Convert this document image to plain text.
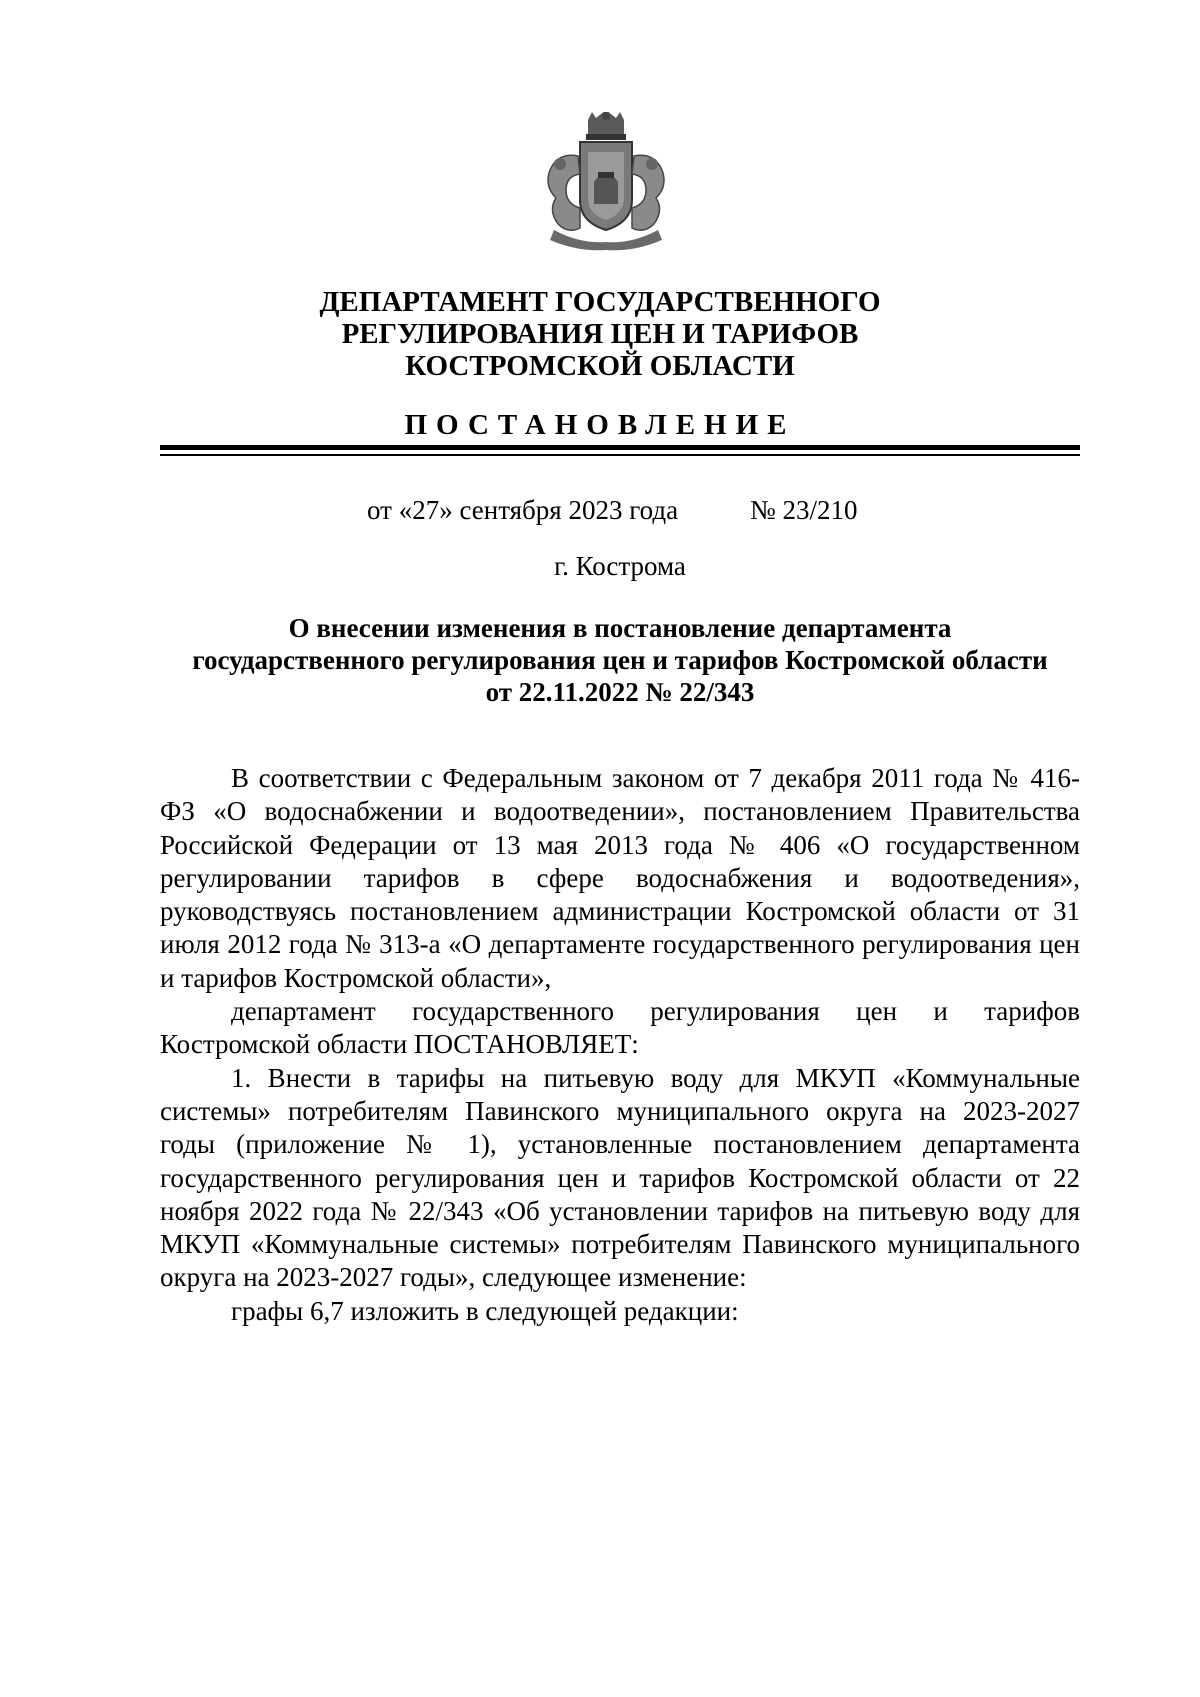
ДЕПАРТАМЕНТ ГОСУДАРСТВЕННОГО
РЕГУЛИРОВАНИЯ ЦЕН И ТАРИФОВ
КОСТРОМСКОЙ ОБЛАСТИ
ПОСТАНОВЛЕНИЕ
от «27» сентября 2023 года	№ 23/210
г. Кострома
О внесении изменения в постановление департамента
государственного регулирования цен и тарифов Костромской области
от 22.11.2022 № 22/343

В соответствии с Федеральным законом от 7 декабря 2011 года № 416-ФЗ «О водоснабжении и водоотведении», постановлением Правительства Российской Федерации от 13 мая 2013 года № 406 «О государственном регулировании тарифов в сфере водоснабжения и водоотведения», руководствуясь постановлением администрации Костромской области от 31 июля 2012 года № 313-а «О департаменте государственного регулирования цен и тарифов Костромской области»,

департамент государственного регулирования цен и тарифов Костромской области ПОСТАНОВЛЯЕТ:

1. Внести в тарифы на питьевую воду для МКУП «Коммунальные системы» потребителям Павинского муниципального округа на 2023-2027 годы (приложение № 1), установленные постановлением департамента государственного регулирования цен и тарифов Костромской области от 22 ноября 2022 года № 22/343 «Об установлении тарифов на питьевую воду для МКУП «Коммунальные системы» потребителям Павинского муниципального округа на 2023-2027 годы», следующее изменение:

графы 6,7 изложить в следующей редакции:
